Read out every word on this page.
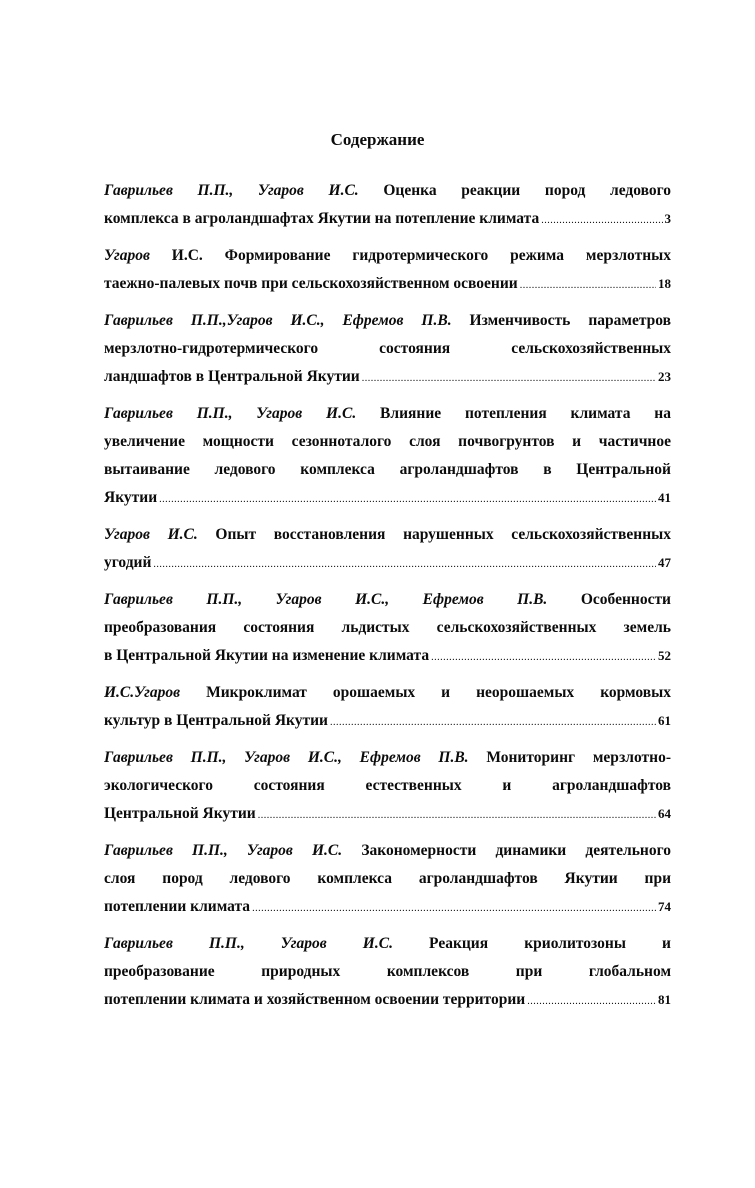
Содержание
Гаврильев П.П., Угаров И.С. Оценка реакции пород ледового
комплекса в агроландшафтах Якутии на потепление климата .....	3
Угаров И.С. Формирование гидротермического режима мерзлотных
таежно-палевых почв при сельскохозяйственном освоении .....	18
Гаврильев П.П.,Угаров И.С., Ефремов П.В. Изменчивость параметров
мерзлотно-гидротермического состояния сельскохозяйственных
ландшафтов в Центральной Якутии .....	23
Гаврильев П.П., Угаров И.С. Влияние потепления климата на
увеличение мощности сезонноталого слоя почвогрунтов и частичное
вытаивание ледового комплекса агроландшафтов в Центральной
Якутии .....	41
Угаров И.С. Опыт восстановления нарушенных сельскохозяйственных
угодий .....	47
Гаврильев П.П., Угаров И.С., Ефремов П.В. Особенности
преобразования состояния льдистых сельскохозяйственных земель
в Центральной Якутии на изменение климата .....	52
И.С.Угаров Микроклимат орошаемых и неорошаемых кормовых
культур в Центральной Якутии .....	61
Гаврильев П.П., Угаров И.С., Ефремов П.В. Мониторинг мерзлотно-
экологического состояния естественных и агроландшафтов
Центральной Якутии .....	64
Гаврильев П.П., Угаров И.С. Закономерности динамики деятельного
слоя пород ледового комплекса агроландшафтов Якутии при
потеплении климата .....	74
Гаврильев П.П., Угаров И.С. Реакция криолитозоны и
преобразование природных комплексов при глобальном
потеплении климата и хозяйственном освоении территории .....	81
